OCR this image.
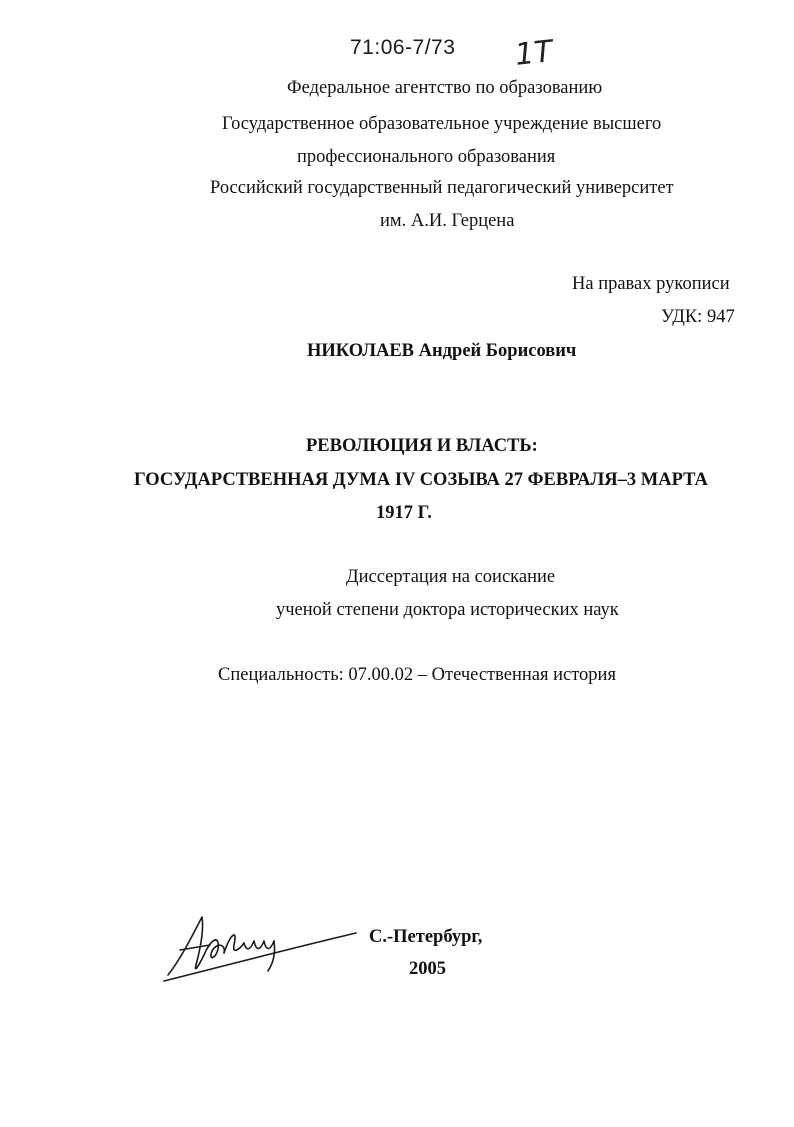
71:06-7/73 1Т
Федеральное агентство по образованию
Государственное образовательное учреждение высшего
профессионального образования
Российский государственный педагогический университет
им. А.И. Герцена
На правах рукописи
УДК: 947
НИКОЛАЕВ Андрей Борисович
РЕВОЛЮЦИЯ И ВЛАСТЬ:
ГОСУДАРСТВЕННАЯ ДУМА IV СОЗЫВА 27 ФЕВРАЛЯ–3 МАРТА
1917 Г.
Диссертация на соискание
ученой степени доктора исторических наук
Специальность: 07.00.02 – Отечественная история
С.-Петербург,
2005
